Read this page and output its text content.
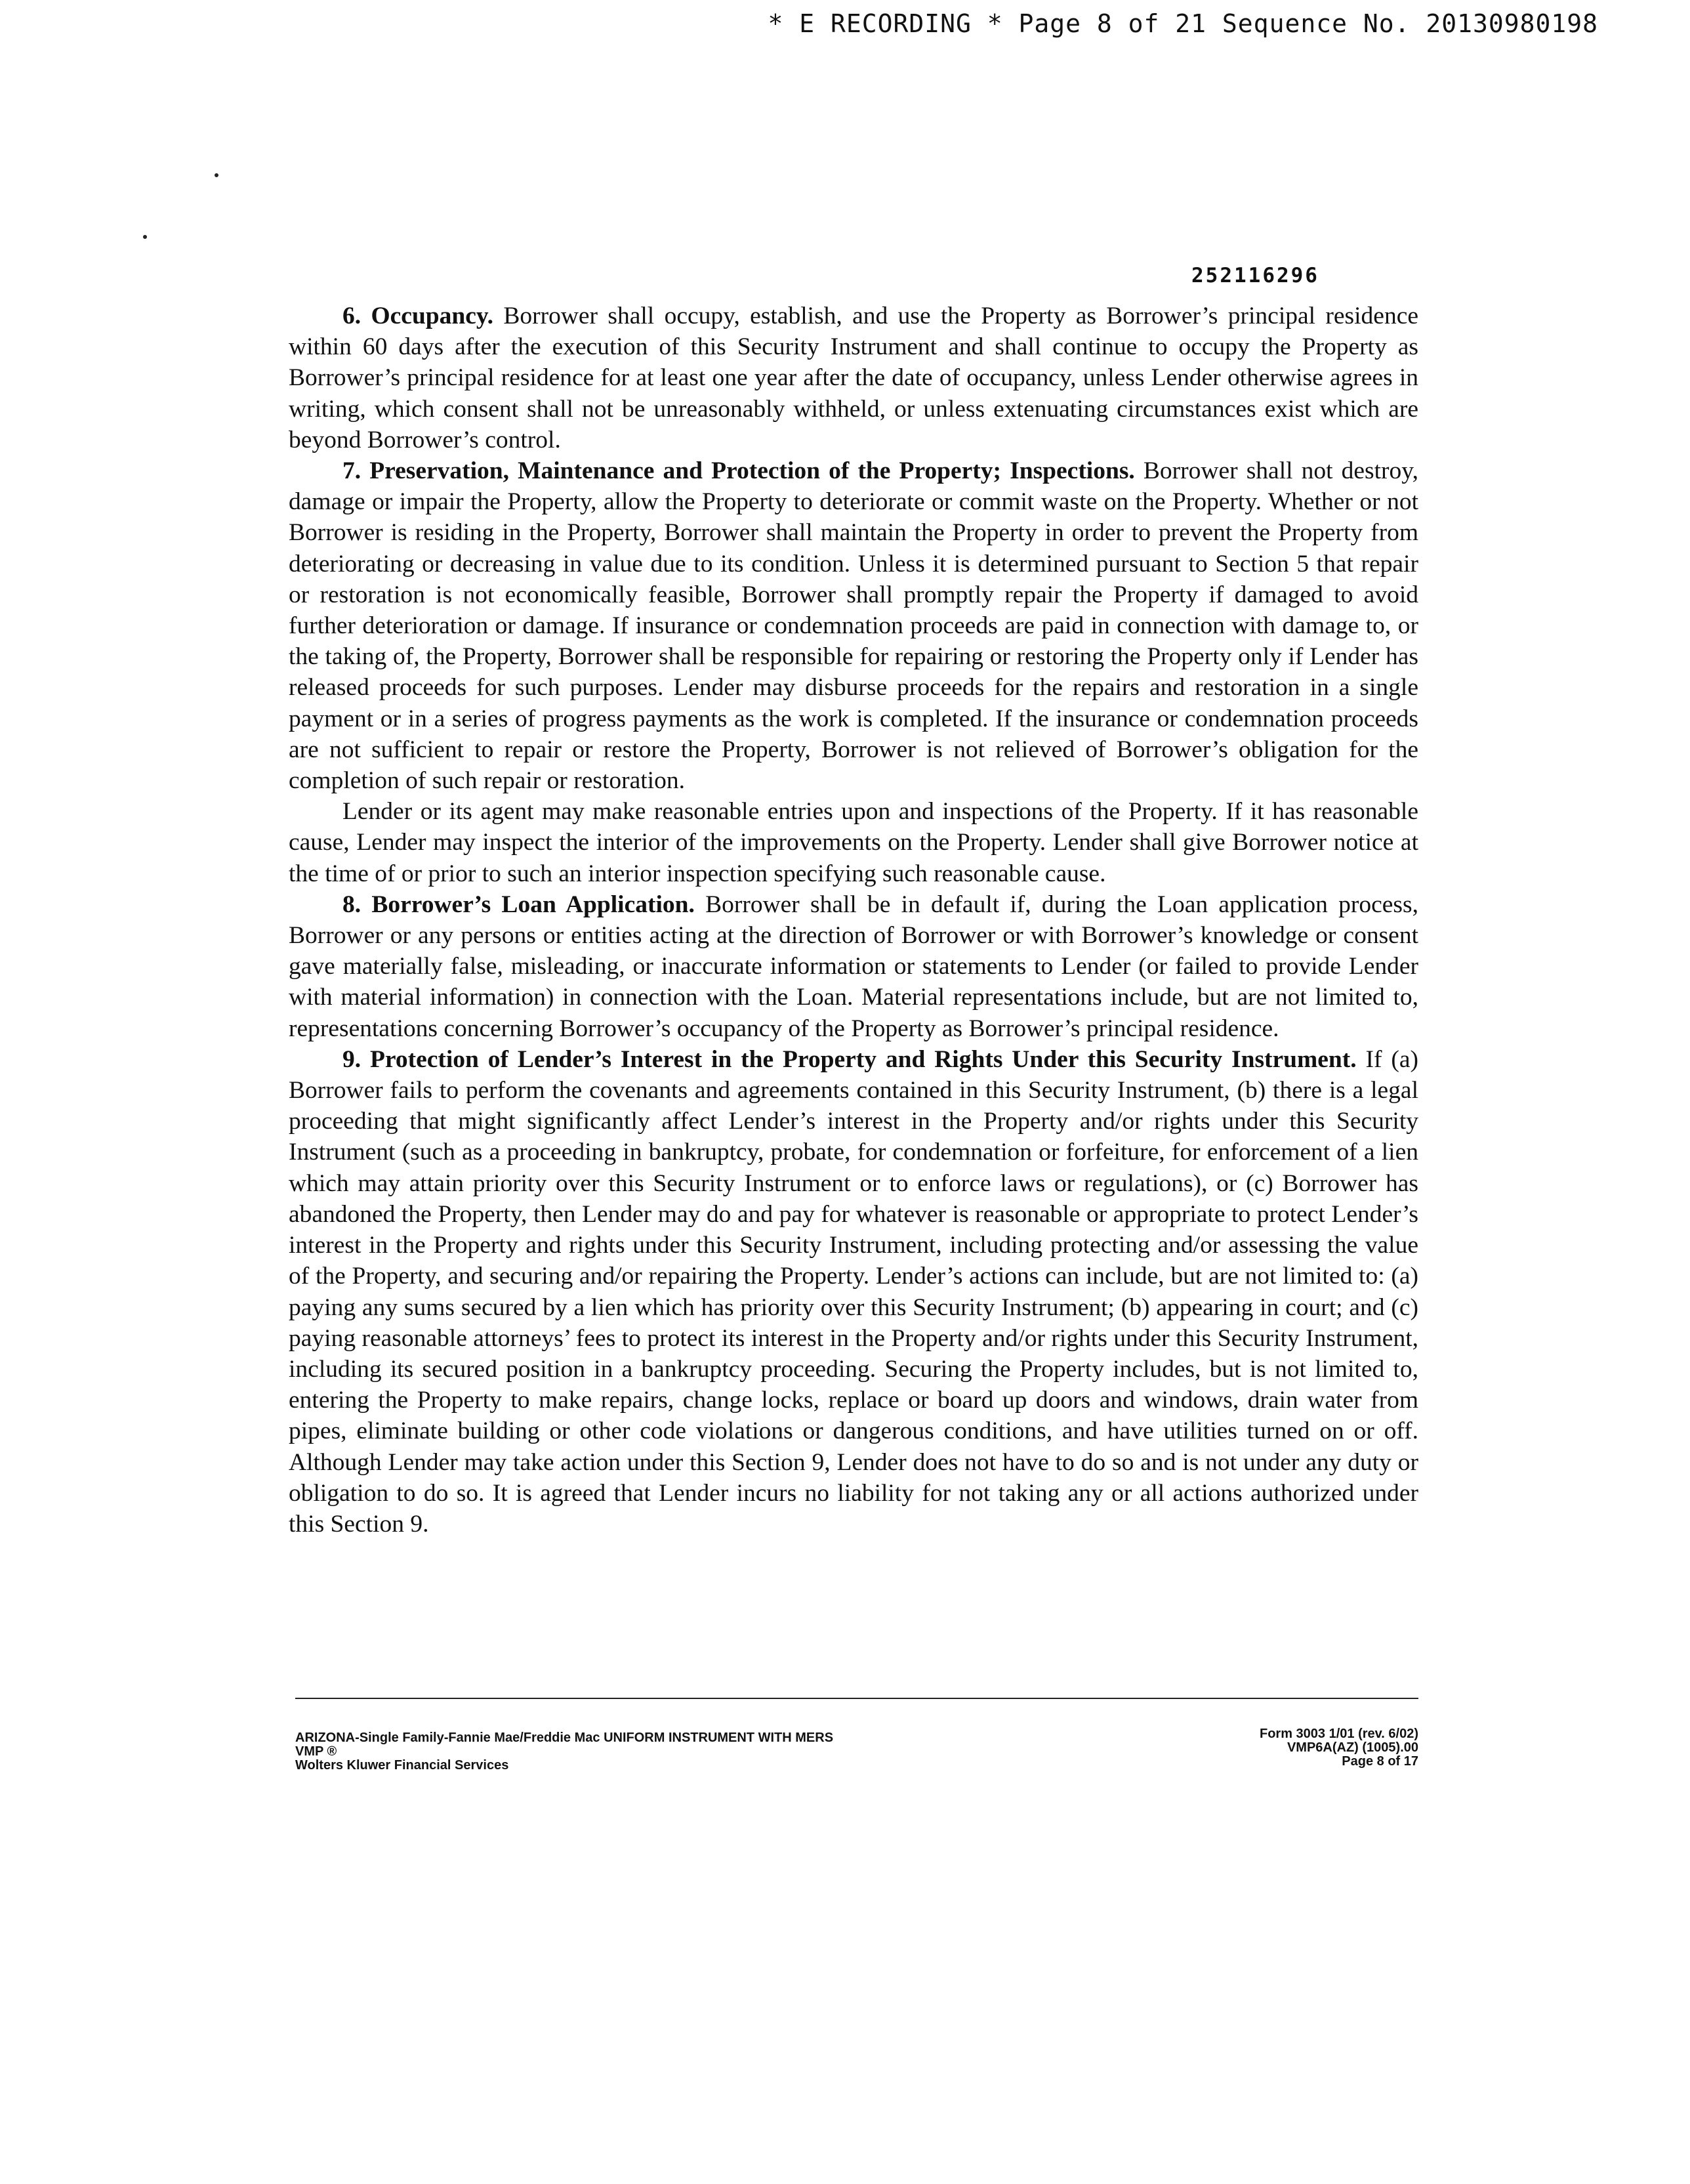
* E RECORDING * Page 8 of 21 Sequence No. 20130980198
252116296

6. Occupancy. Borrower shall occupy, establish, and use the Property as Borrower’s principal residence within 60 days after the execution of this Security Instrument and shall continue to occupy the Property as Borrower’s principal residence for at least one year after the date of occupancy, unless Lender otherwise agrees in writing, which consent shall not be unreasonably withheld, or unless extenuating circumstances exist which are beyond Borrower’s control.

7. Preservation, Maintenance and Protection of the Property; Inspections. Borrower shall not destroy, damage or impair the Property, allow the Property to deteriorate or commit waste on the Property. Whether or not Borrower is residing in the Property, Borrower shall maintain the Property in order to prevent the Property from deteriorating or decreasing in value due to its condition. Unless it is determined pursuant to Section 5 that repair or restoration is not economically feasible, Borrower shall promptly repair the Property if damaged to avoid further deterioration or damage. If insurance or condemnation proceeds are paid in connection with damage to, or the taking of, the Property, Borrower shall be responsible for repairing or restoring the Property only if Lender has released proceeds for such purposes. Lender may disburse proceeds for the repairs and restoration in a single payment or in a series of progress payments as the work is completed. If the insurance or condemnation proceeds are not sufficient to repair or restore the Property, Borrower is not relieved of Borrower’s obligation for the completion of such repair or restoration.

Lender or its agent may make reasonable entries upon and inspections of the Property. If it has reasonable cause, Lender may inspect the interior of the improvements on the Property. Lender shall give Borrower notice at the time of or prior to such an interior inspection specifying such reasonable cause.

8. Borrower’s Loan Application. Borrower shall be in default if, during the Loan application process, Borrower or any persons or entities acting at the direction of Borrower or with Borrower’s knowledge or consent gave materially false, misleading, or inaccurate information or statements to Lender (or failed to provide Lender with material information) in connection with the Loan. Material representations include, but are not limited to, representations concerning Borrower’s occupancy of the Property as Borrower’s principal residence.

9. Protection of Lender’s Interest in the Property and Rights Under this Security Instrument. If (a) Borrower fails to perform the covenants and agreements contained in this Security Instrument, (b) there is a legal proceeding that might significantly affect Lender’s interest in the Property and/or rights under this Security Instrument (such as a proceeding in bankruptcy, probate, for condemnation or forfeiture, for enforcement of a lien which may attain priority over this Security Instrument or to enforce laws or regulations), or (c) Borrower has abandoned the Property, then Lender may do and pay for whatever is reasonable or appropriate to protect Lender’s interest in the Property and rights under this Security Instrument, including protecting and/or assessing the value of the Property, and securing and/or repairing the Property. Lender’s actions can include, but are not limited to: (a) paying any sums secured by a lien which has priority over this Security Instrument; (b) appearing in court; and (c) paying reasonable attorneys’ fees to protect its interest in the Property and/or rights under this Security Instrument, including its secured position in a bankruptcy proceeding. Securing the Property includes, but is not limited to, entering the Property to make repairs, change locks, replace or board up doors and windows, drain water from pipes, eliminate building or other code violations or dangerous conditions, and have utilities turned on or off. Although Lender may take action under this Section 9, Lender does not have to do so and is not under any duty or obligation to do so. It is agreed that Lender incurs no liability for not taking any or all actions authorized under this Section 9.

ARIZONA-Single Family-Fannie Mae/Freddie Mac UNIFORM INSTRUMENT WITH MERS
VMP ®
Wolters Kluwer Financial Services
Form 3003 1/01 (rev. 6/02)
VMP6A(AZ) (1005).00
Page 8 of 17
